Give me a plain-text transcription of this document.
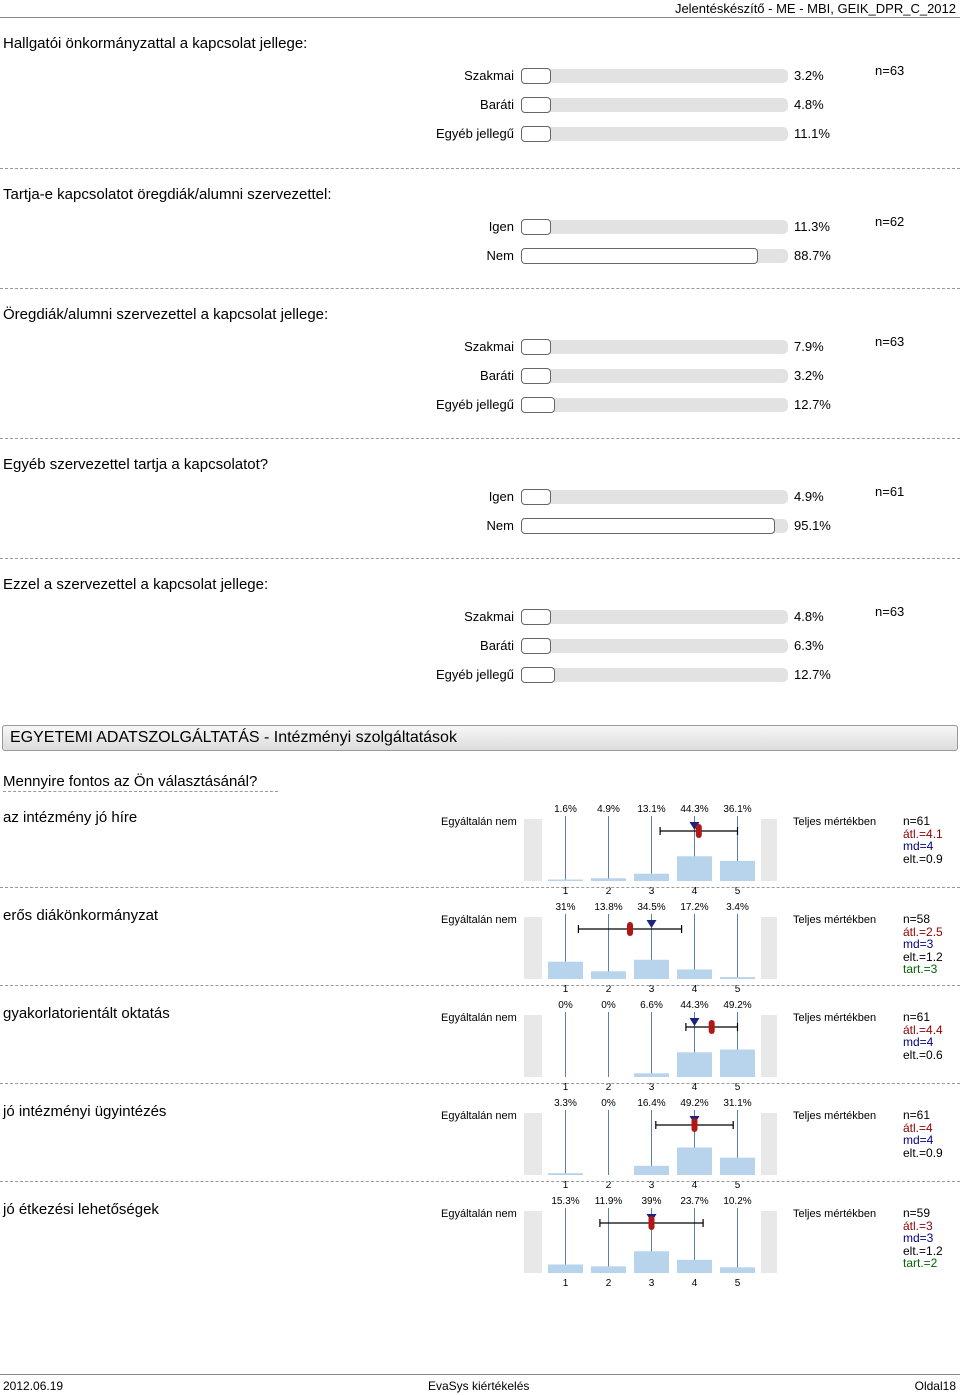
Jelentéskészítő - ME - MBI, GEIK_DPR_C_2012
Hallgatói önkormányzattal a kapcsolat jellege:
n=63
Szakmai	3.2%
Baráti	4.8%
Egyéb jellegű	11.1%
Tartja-e kapcsolatot öregdiák/alumni szervezettel:
n=62
Igen	11.3%
Nem	88.7%
Öregdiák/alumni szervezettel a kapcsolat jellege:
n=63
Szakmai	7.9%
Baráti	3.2%
Egyéb jellegű	12.7%
Egyéb szervezettel tartja a kapcsolatot?
n=61
Igen	4.9%
Nem	95.1%
Ezzel a szervezettel a kapcsolat jellege:
n=63
Szakmai	4.8%
Baráti	6.3%
Egyéb jellegű	12.7%
EGYETEMI ADATSZOLGÁLTATÁS - Intézményi szolgáltatások
Mennyire fontos az Ön választásánál?
az intézmény jó híre	Egyáltalán nem	Teljes mértékben n=61
átl.=4.1
md=4
elt.=0.9
1.6% 4.9% 13.1% 44.3% 36.1%
1	2	3	4	5
erős diákönkormányzat	Egyáltalán nem	Teljes mértékben n=58
átl.=2.5
md=3
elt.=1.2
tart.=3
31% 13.8% 34.5% 17.2% 3.4%
1	2	3	4	5
gyakorlatorientált oktatás	Egyáltalán nem	Teljes mértékben n=61
átl.=4.4
md=4
elt.=0.6
0%	0% 6.6% 44.3% 49.2%
1	2	3	4	5
jó intézményi ügyintézés	Egyáltalán nem	Teljes mértékben n=61
átl.=4
md=4
elt.=0.9
3.3% 0% 16.4% 49.2% 31.1%
1	2	3	4	5
jó étkezési lehetőségek	Egyáltalán nem	Teljes mértékben n=59
átl.=3
md=3
elt.=1.2
tart.=2
15.3% 11.9% 39% 23.7% 10.2%
1	2	3	4	5
2012.06.19	EvaSys kiértékelés	Oldal18
